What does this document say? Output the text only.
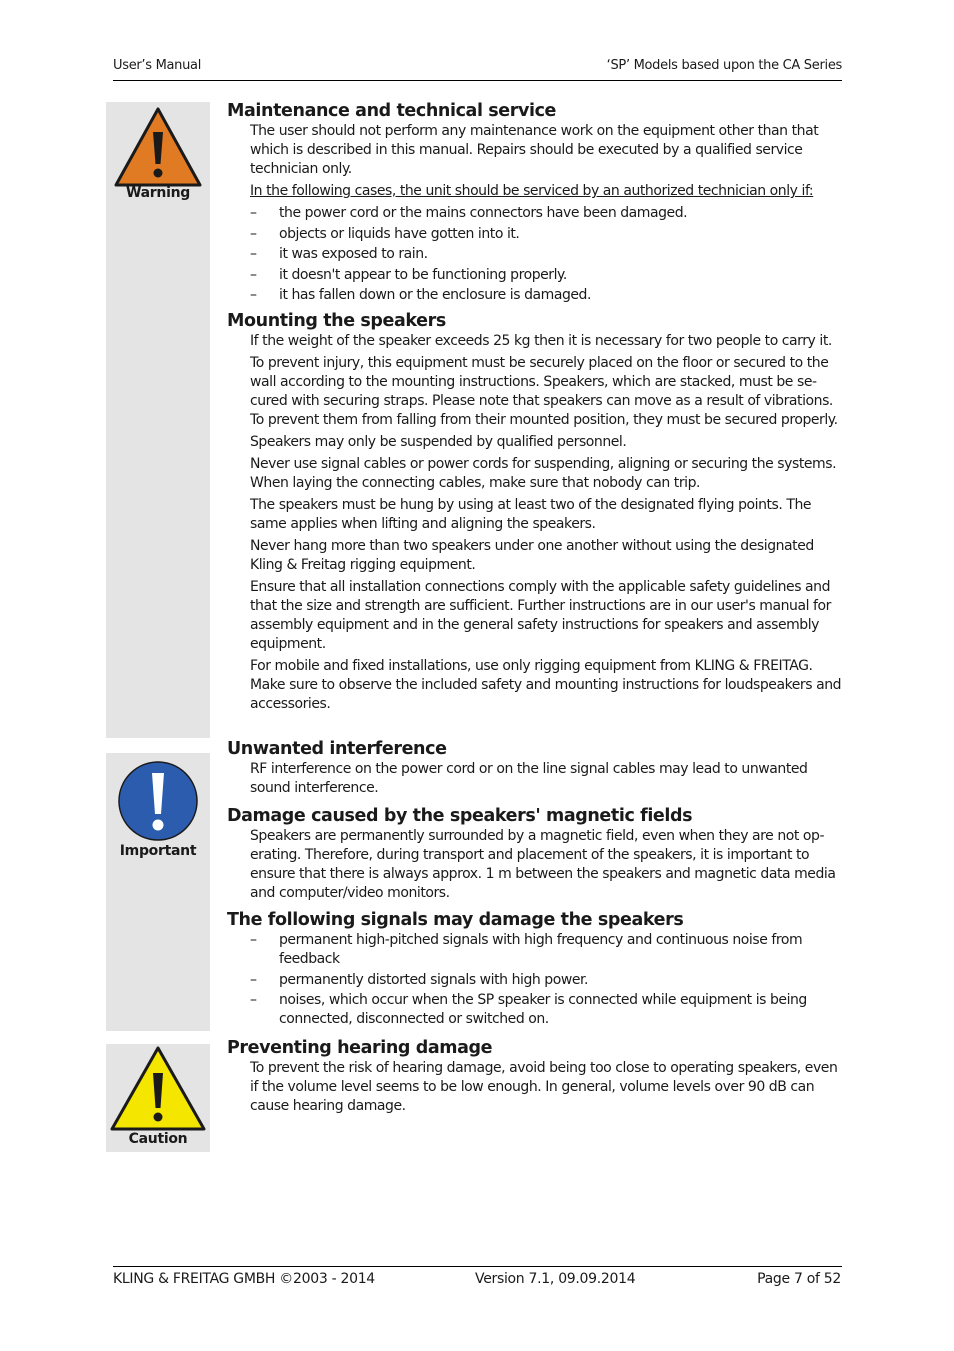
User’s Manual	‘SP’ Models based upon the CA Series
Warning
Important
Caution
Maintenance and technical service

The user should not perform any maintenance work on the equipment other than that which is described in this manual. Repairs should be executed by a qualified service technician only.

In the following cases, the unit should be serviced by an authorized technician only if:

– the power cord or the mains connectors have been damaged.
– objects or liquids have gotten into it.
– it was exposed to rain.
– it doesn't appear to be functioning properly.
– it has fallen down or the enclosure is damaged.
Mounting the speakers

If the weight of the speaker exceeds 25 kg then it is necessary for two people to carry it.

To prevent injury, this equipment must be securely placed on the floor or secured to the wall according to the mounting instructions. Speakers, which are stacked, must be se-cured with securing straps. Please note that speakers can move as a result of vibrations. To prevent them from falling from their mounted position, they must be secured properly.

Speakers may only be suspended by qualified personnel.

Never use signal cables or power cords for suspending, aligning or securing the systems. When laying the connecting cables, make sure that nobody can trip.

The speakers must be hung by using at least two of the designated flying points. The same applies when lifting and aligning the speakers.

Never hang more than two speakers under one another without using the designated Kling & Freitag rigging equipment.

Ensure that all installation connections comply with the applicable safety guidelines and that the size and strength are sufficient. Further instructions are in our user's manual for assembly equipment and in the general safety instructions for speakers and assembly equipment.

For mobile and fixed installations, use only rigging equipment from KLING & FREITAG. Make sure to observe the included safety and mounting instructions for loudspeakers and accessories.

Unwanted interference

RF interference on the power cord or on the line signal cables may lead to unwanted sound interference.

Damage caused by the speakers' magnetic fields

Speakers are permanently surrounded by a magnetic field, even when they are not op-erating. Therefore, during transport and placement of the speakers, it is important to ensure that there is always approx. 1 m between the speakers and magnetic data media and computer/video monitors.

The following signals may damage the speakers
– permanent high-pitched signals with high frequency and continuous noise from feedback
– permanently distorted signals with high power.
– noises, which occur when the SP speaker is connected while equipment is being connected, disconnected or switched on.
Preventing hearing damage

To prevent the risk of hearing damage, avoid being too close to operating speakers, even if the volume level seems to be low enough. In general, volume levels over 90 dB can cause hearing damage.

KLING & FREITAG GMBH ©2003 - 2014	Version 7.1, 09.09.2014	Page 7 of 52
